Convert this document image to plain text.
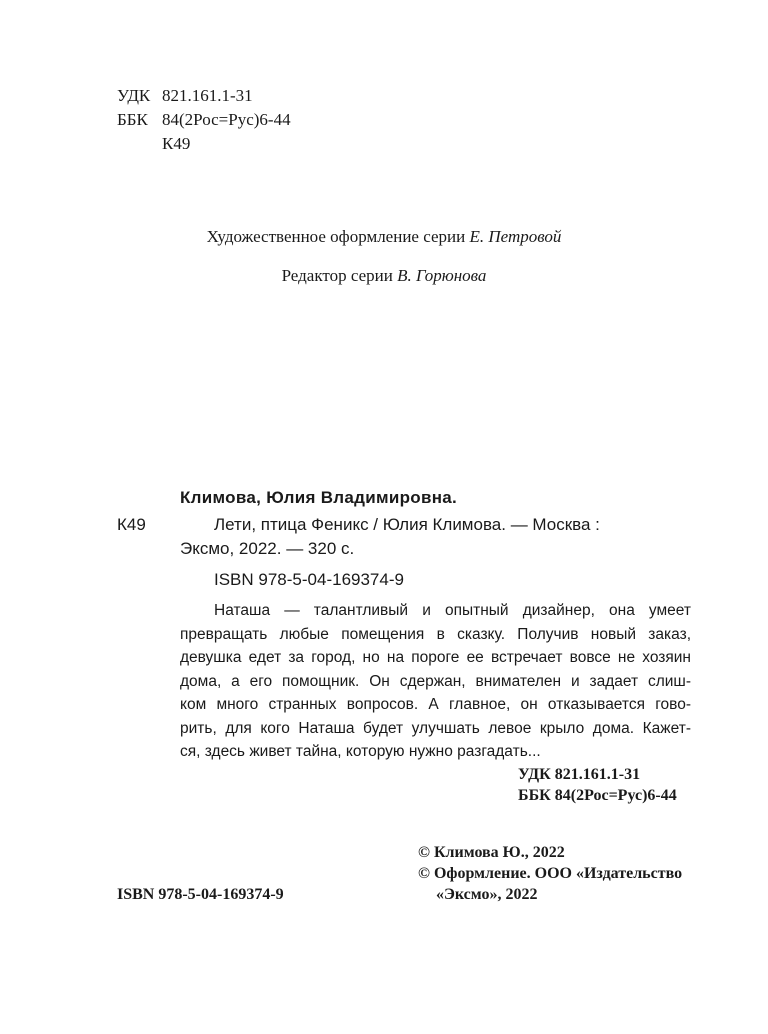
УДК 821.161.1-31
ББК 84(2Рос=Рус)6-44
К49
Художественное оформление серии Е. Петровой
Редактор серии В. Горюнова
Климова, Юлия Владимировна.
К49	Лети, птица Феникс / Юлия Климова. — Москва :
Эксмо, 2022. — 320 с.
ISBN 978-5-04-169374-9
Наташа — талантливый и опытный дизайнер, она умеет
превращать любые помещения в сказку. Получив новый заказ,
девушка едет за город, но на пороге ее встречает вовсе не хозяин
дома, а его помощник. Он сдержан, внимателен и задает слиш-
ком много странных вопросов. А главное, он отказывается гово-
рить, для кого Наташа будет улучшать левое крыло дома. Кажет-
ся, здесь живет тайна, которую нужно разгадать...
УДК 821.161.1-31
ББК 84(2Рос=Рус)6-44
© Климова Ю., 2022
© Оформление. ООО «Издательство
ISBN 978-5-04-169374-9	«Эксмо», 2022
